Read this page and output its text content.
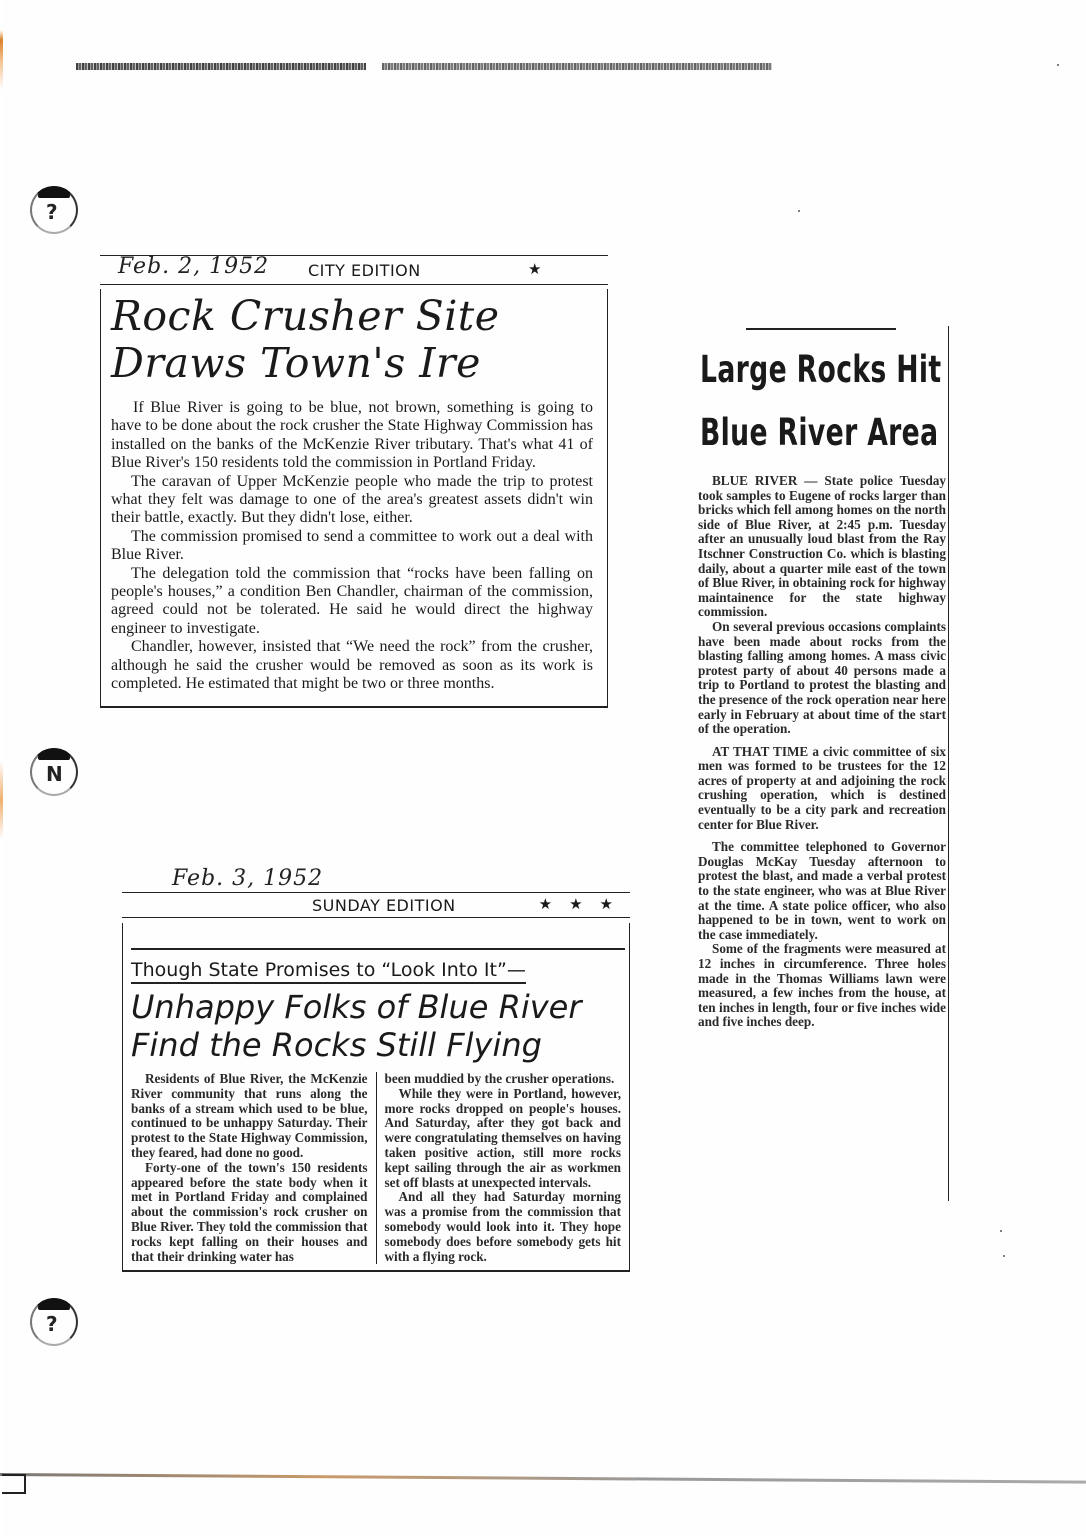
?
N
?
Feb. 2, 1952 CITY EDITION	★
Rock Crusher Site
Draws Town's Ire

If Blue River is going to be blue, not brown, something is going to have to be done about the rock crusher the State Highway Commission has installed on the banks of the McKenzie River tributary. That's what 41 of Blue River's 150 residents told the commission in Portland Friday.

The caravan of Upper McKenzie people who made the trip to protest what they felt was damage to one of the area's greatest assets didn't win their battle, exactly. But they didn't lose, either.

The commission promised to send a committee to work out a deal with Blue River.

The delegation told the commission that “rocks have been falling on people's houses,” a condition Ben Chandler, chairman of the commission, agreed could not be tolerated. He said he would direct the highway engineer to investigate.

Chandler, however, insisted that “We need the rock” from the crusher, although he said the crusher would be removed as soon as its work is completed. He estimated that might be two or three months.

Feb. 3, 1952
SUNDAY EDITION	★★★
Though State Promises to “Look Into It”—
Unhappy Folks of Blue River
Find the Rocks Still Flying

Residents of Blue River, the McKenzie River community that runs along the banks of a stream which used to be blue, continued to be unhappy Saturday. Their protest to the State Highway Commission, they feared, had done no good.

Forty-one of the town's 150 residents appeared before the state body when it met in Portland Friday and complained about the commission's rock crusher on Blue River. They told the commission that rocks kept falling on their houses and that their drinking water has

been muddied by the crusher operations.

While they were in Portland, however, more rocks dropped on people's houses. And Saturday, after they got back and were congratulating themselves on having taken positive action, still more rocks kept sailing through the air as workmen set off blasts at unexpected intervals.

And all they had Saturday morning was a promise from the commission that somebody would look into it. They hope somebody does before somebody gets hit with a flying rock.

Large Rocks Hit
Blue River Area

BLUE RIVER — State police Tuesday took samples to Eugene of rocks larger than bricks which fell among homes on the north side of Blue River, at 2:45 p.m. Tuesday after an unusually loud blast from the Ray Itschner Construction Co. which is blasting daily, about a quarter mile east of the town of Blue River, in obtaining rock for highway maintainence for the state highway commission.

On several previous occasions complaints have been made about rocks from the blasting falling among homes. A mass civic protest party of about 40 persons made a trip to Portland to protest the blasting and the presence of the rock operation near here early in February at about time of the start of the operation.

AT THAT TIME a civic committee of six men was formed to be trustees for the 12 acres of property at and adjoining the rock crushing operation, which is destined eventually to be a city park and recreation center for Blue River.

The committee telephoned to Governor Douglas McKay Tuesday afternoon to protest the blast, and made a verbal protest to the state engineer, who was at Blue River at the time. A state police officer, who also happened to be in town, went to work on the case immediately.

Some of the fragments were measured at 12 inches in circumference. Three holes made in the Thomas Williams lawn were measured, a few inches from the house, at ten inches in length, four or five inches wide and five inches deep.
